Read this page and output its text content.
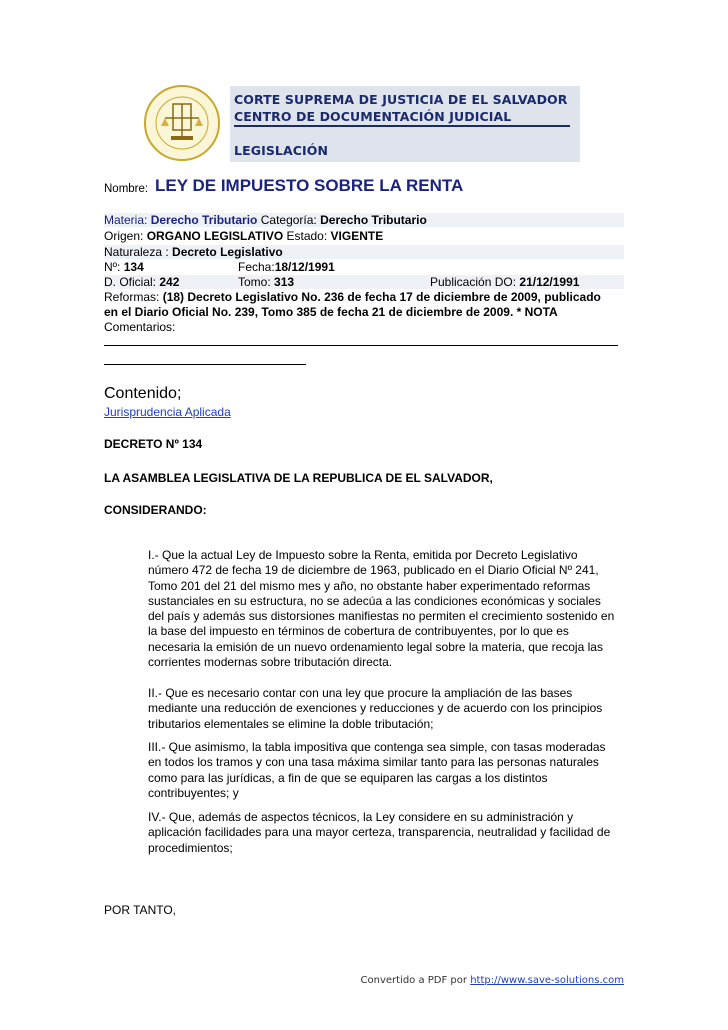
CORTE SUPREMA DE JUSTICIA DE EL SALVADOR
CENTRO DE DOCUMENTACIÓN JUDICIAL
LEGISLACIÓN
Nombre: LEY DE IMPUESTO SOBRE LA RENTA
Materia: Derecho Tributario Categoría: Derecho Tributario
Origen: ORGANO LEGISLATIVO Estado: VIGENTE
Naturaleza : Decreto Legislativo
Nº: 134	Fecha:18/12/1991
D. Oficial: 242	Tomo: 313	Publicación DO: 21/12/1991
Reformas: (18) Decreto Legislativo No. 236 de fecha 17 de diciembre de 2009, publicado
en el Diario Oficial No. 239, Tomo 385 de fecha 21 de diciembre de 2009. * NOTA
Comentarios:
Contenido;
Jurisprudencia Aplicada
DECRETO Nº 134
LA ASAMBLEA LEGISLATIVA DE LA REPUBLICA DE EL SALVADOR,
CONSIDERANDO:
I.- Que la actual Ley de Impuesto sobre la Renta, emitida por Decreto Legislativo
número 472 de fecha 19 de diciembre de 1963, publicado en el Diario Oficial Nº 241,
Tomo 201 del 21 del mismo mes y año, no obstante haber experimentado reformas
sustanciales en su estructura, no se adecúa a las condiciones económicas y sociales
del país y además sus distorsiones manifiestas no permiten el crecimiento sostenido en
la base del impuesto en términos de cobertura de contribuyentes, por lo que es
necesaria la emisión de un nuevo ordenamiento legal sobre la materia, que recoja las
corrientes modernas sobre tributación directa.
II.- Que es necesario contar con una ley que procure la ampliación de las bases
mediante una reducción de exenciones y reducciones y de acuerdo con los principios
tributarios elementales se elimine la doble tributación;
III.- Que asimismo, la tabla impositiva que contenga sea simple, con tasas moderadas
en todos los tramos y con una tasa máxima similar tanto para las personas naturales
como para las jurídicas, a fin de que se equiparen las cargas a los distintos
contribuyentes; y
IV.- Que, además de aspectos técnicos, la Ley considere en su administración y
aplicación facilidades para una mayor certeza, transparencia, neutralidad y facilidad de
procedimientos;
POR TANTO,
Convertido a PDF por http://www.save-solutions.com
